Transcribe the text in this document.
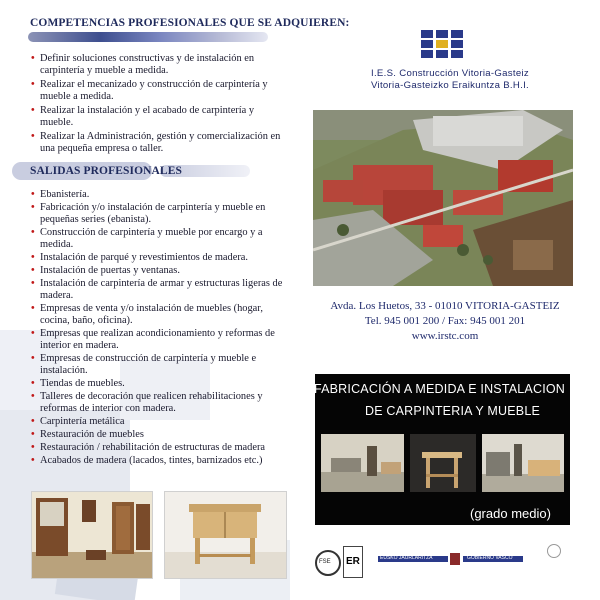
COMPETENCIAS PROFESIONALES QUE SE ADQUIEREN:
• Definir soluciones constructivas y de instalación en carpintería y mueble a medida.
• Realizar el mecanizado y construcción de carpintería y mueble a medida.
• Realizar la instalación y el acabado de carpintería y mueble.
• Realizar la Administración, gestión y comercialización en una pequeña empresa o taller.
SALIDAS PROFESIONALES
• Ebanistería.
• Fabricación y/o instalación de carpintería y mueble en pequeñas series (ebanista).
• Construcción de carpintería y mueble por encargo y a medida.
• Instalación de parqué y revestimientos de madera.
• Instalación de puertas y ventanas.
• Instalación de carpintería de armar y estructuras ligeras de madera.
• Empresas de venta y/o instalación de muebles (hogar, cocina, baño, oficina).
• Empresas que realizan acondicionamiento y reformas de interior en madera.
• Empresas de construcción de carpintería y mueble e instalación.
• Tiendas de muebles.
• Talleres de decoración que realicen rehabilitaciones y reformas de interior con madera.
• Carpintería metálica
• Restauración de muebles
• Restauración / rehabilitación de estructuras de madera
• Acabados de madera (lacados, tintes, barnizados etc.)
I.E.S. Construcción Vitoria-Gasteiz
Vitoria-Gasteizko Eraikuntza B.H.I.
Avda. Los Huetos, 33 - 01010 VITORIA-GASTEIZ
Tel. 945 001 200 / Fax: 945 001 201
www.irstc.com
FABRICACIÓN A MEDIDA E INSTALACION
DE CARPINTERIA Y MUEBLE
(grado medio)
FSE ER	EUSKO JAURLARITZA	GOBIERNO VASCO
